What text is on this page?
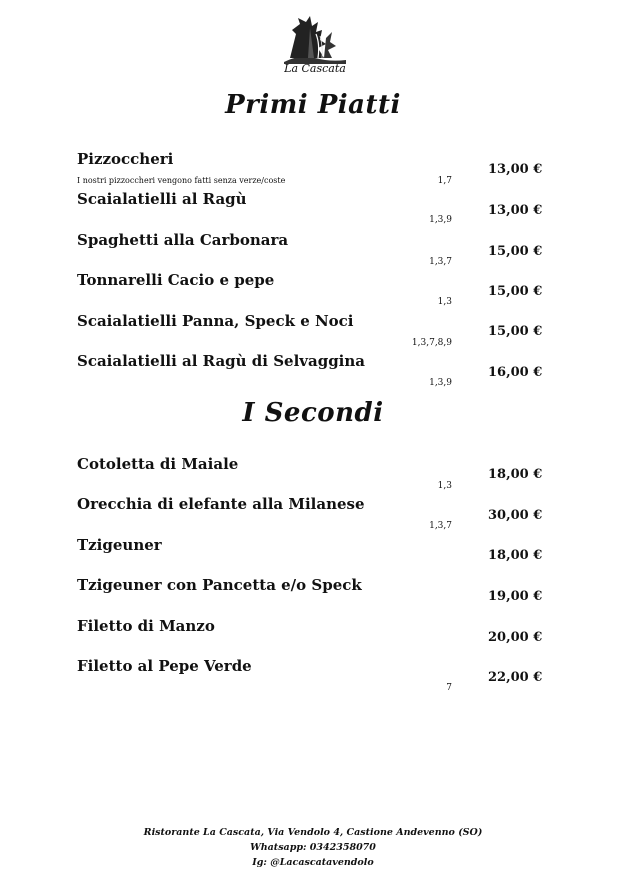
La Cascata
Primi Piatti
Pizzoccheri
I nostri pizzoccheri vengono fatti senza verze/coste	1,7
13,00 €
Scaialatielli al Ragù
1,3,9
13,00 €
Spaghetti alla Carbonara
1,3,7
15,00 €
Tonnarelli Cacio e pepe
1,3
15,00 €
Scaialatielli Panna, Speck e Noci
1,3,7,8,9
15,00 €
Scaialatielli al Ragù di Selvaggina
1,3,9
16,00 €
I Secondi
Cotoletta di Maiale
1,3
18,00 €
Orecchia di elefante alla Milanese
1,3,7
30,00 €
Tzigeuner
18,00 €
Tzigeuner con Pancetta e/o Speck
19,00 €
Filetto di Manzo
20,00 €
Filetto al Pepe Verde
7
22,00 €
Ristorante La Cascata, Via Vendolo 4, Castione Andevenno (SO)
Whatsapp: 0342358070
Ig: @Lacascatavendolo
